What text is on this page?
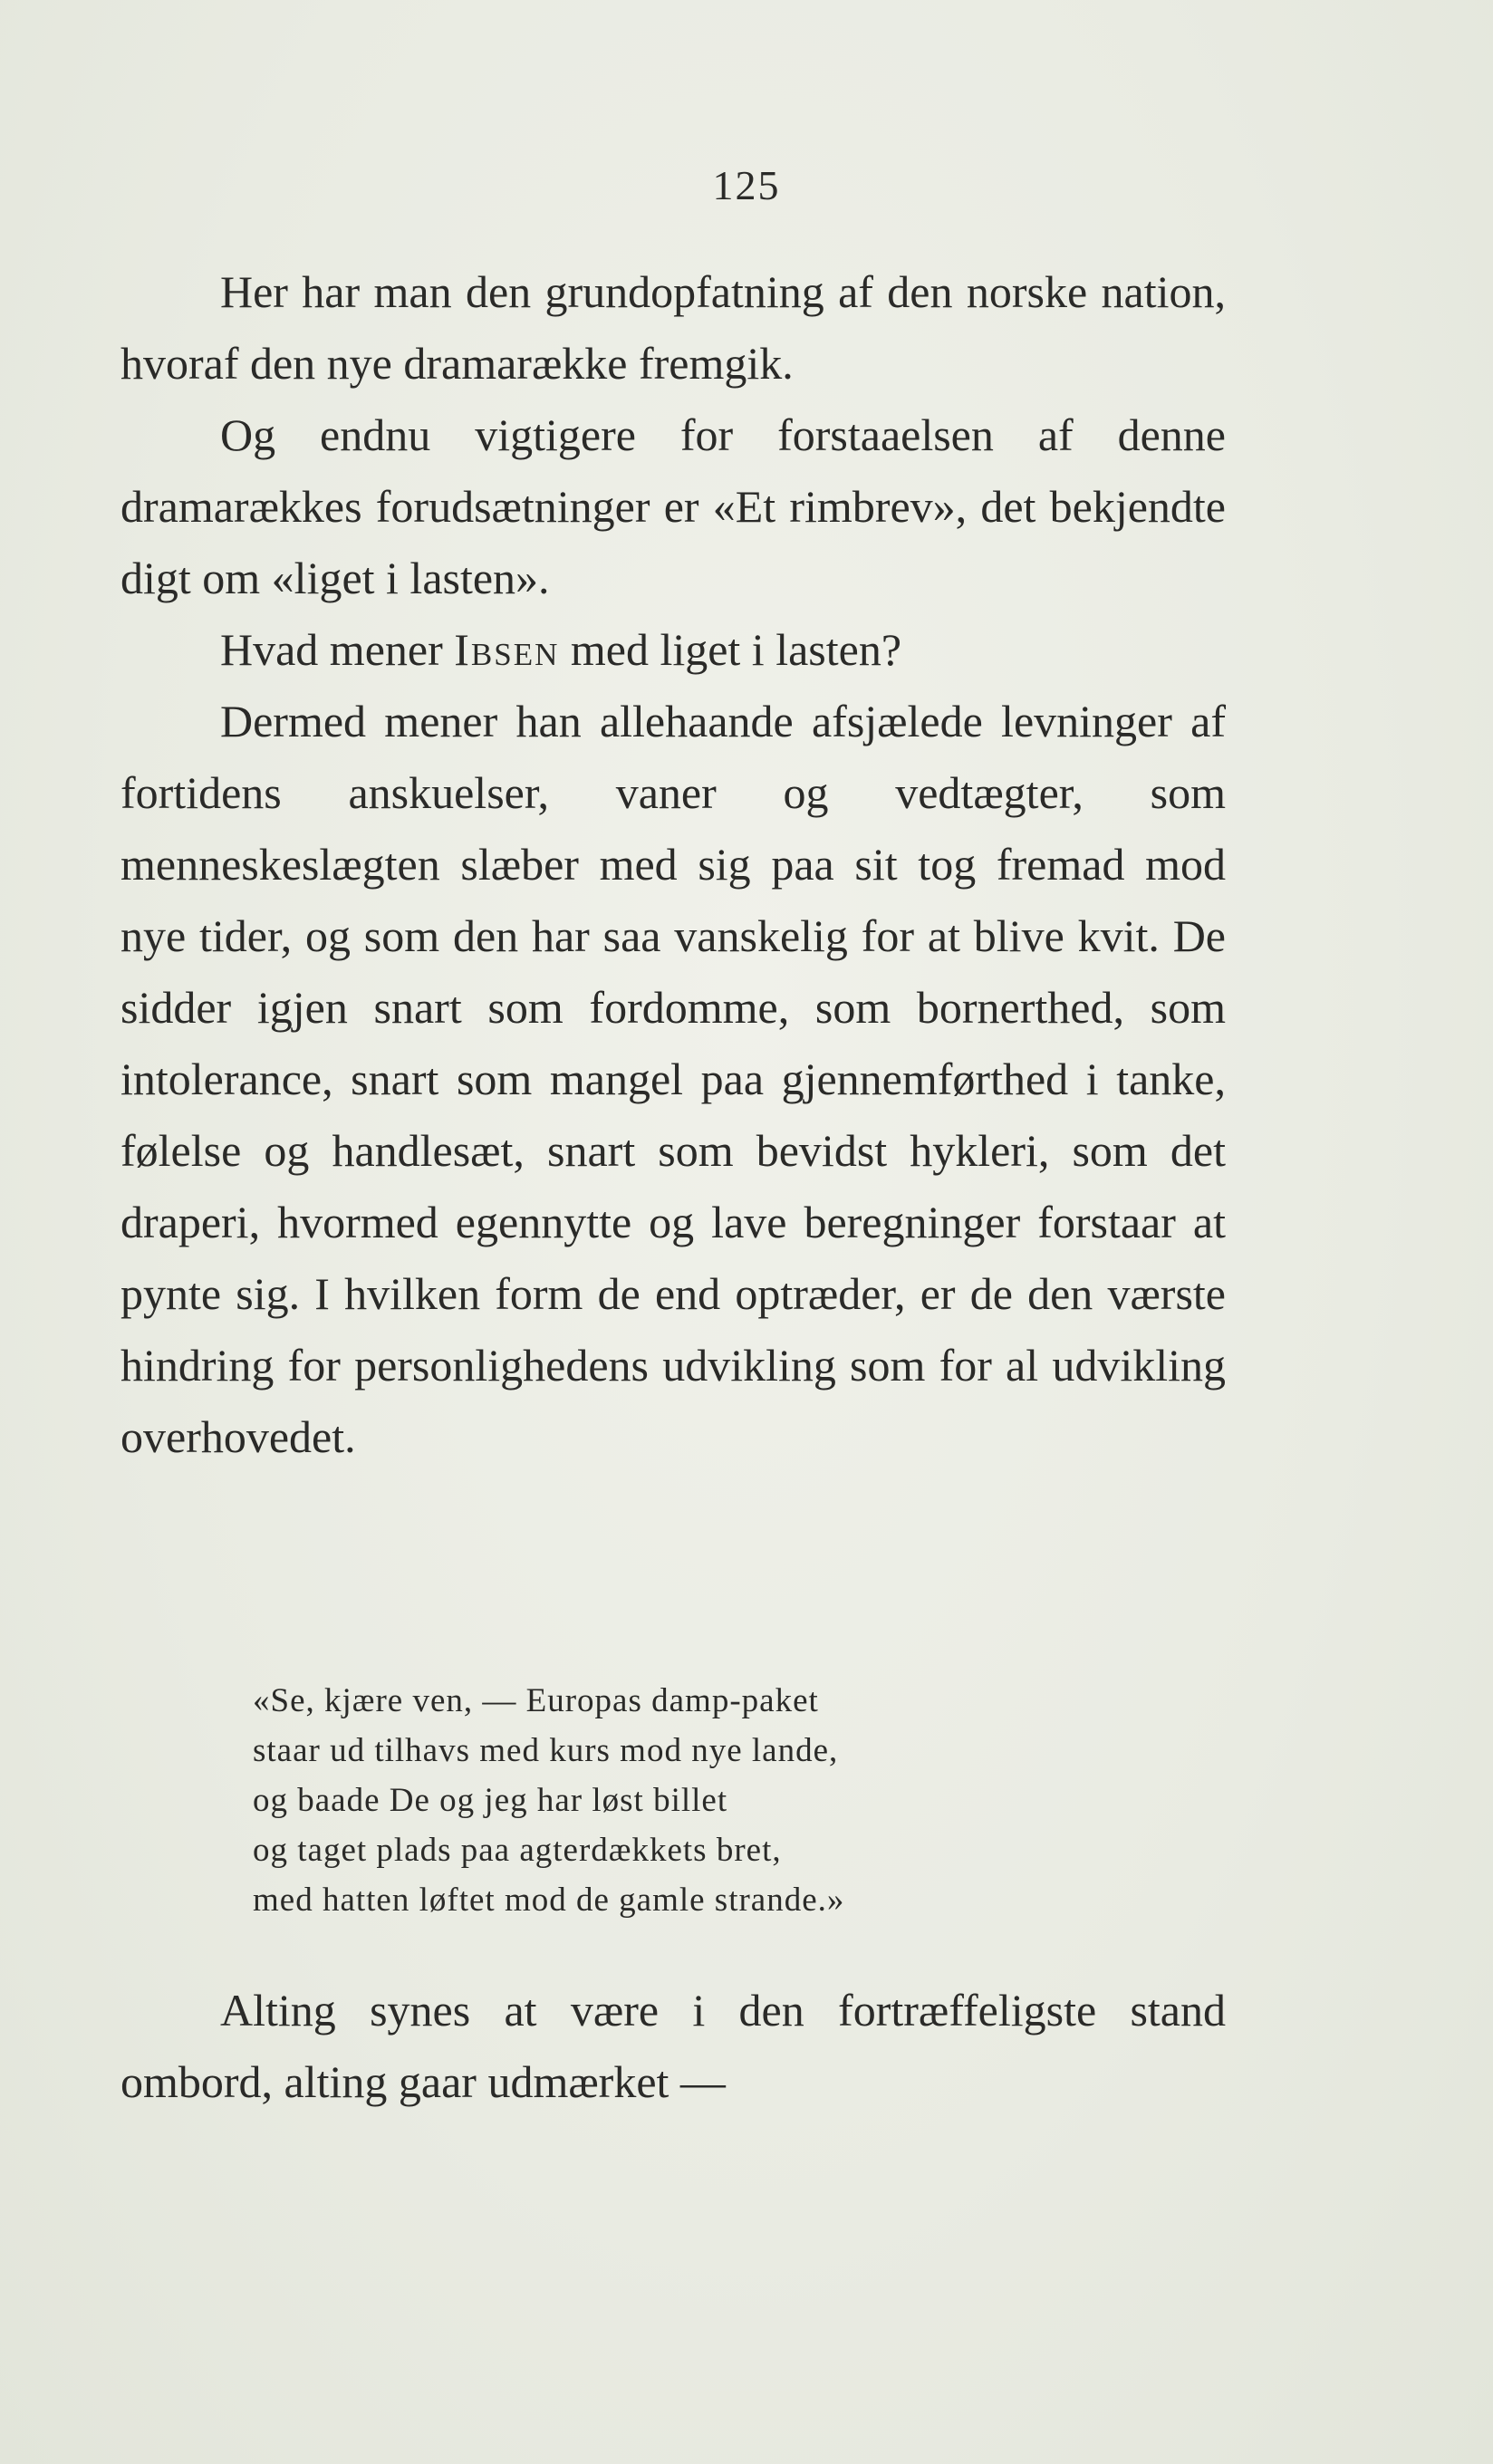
125

Her har man den grundopfatning af den norske nation, hvoraf den nye dramarække fremgik.

Og endnu vigtigere for forstaaelsen af denne dramarækkes forudsætninger er «Et rimbrev», det bekjendte digt om «liget i lasten».

Hvad mener Ibsen med liget i lasten?

Dermed mener han allehaande afsjælede levninger af fortidens anskuelser, vaner og vedtægter, som menneskeslægten slæber med sig paa sit tog fremad mod nye tider, og som den har saa vanskelig for at blive kvit. De sidder igjen snart som fordomme, som bornerthed, som intolerance, snart som mangel paa gjennemførthed i tanke, følelse og handlesæt, snart som bevidst hykleri, som det draperi, hvormed egennytte og lave beregninger forstaar at pynte sig. I hvilken form de end optræder, er de den værste hindring for personlighedens udvikling som for al udvikling overhovedet.

«Se, kjære ven, — Europas damp-paket
staar ud tilhavs med kurs mod nye lande,
og baade De og jeg har løst billet
og taget plads paa agterdækkets bret,
med hatten løftet mod de gamle strande.»

Alting synes at være i den fortræffeligste stand ombord, alting gaar udmærket —
